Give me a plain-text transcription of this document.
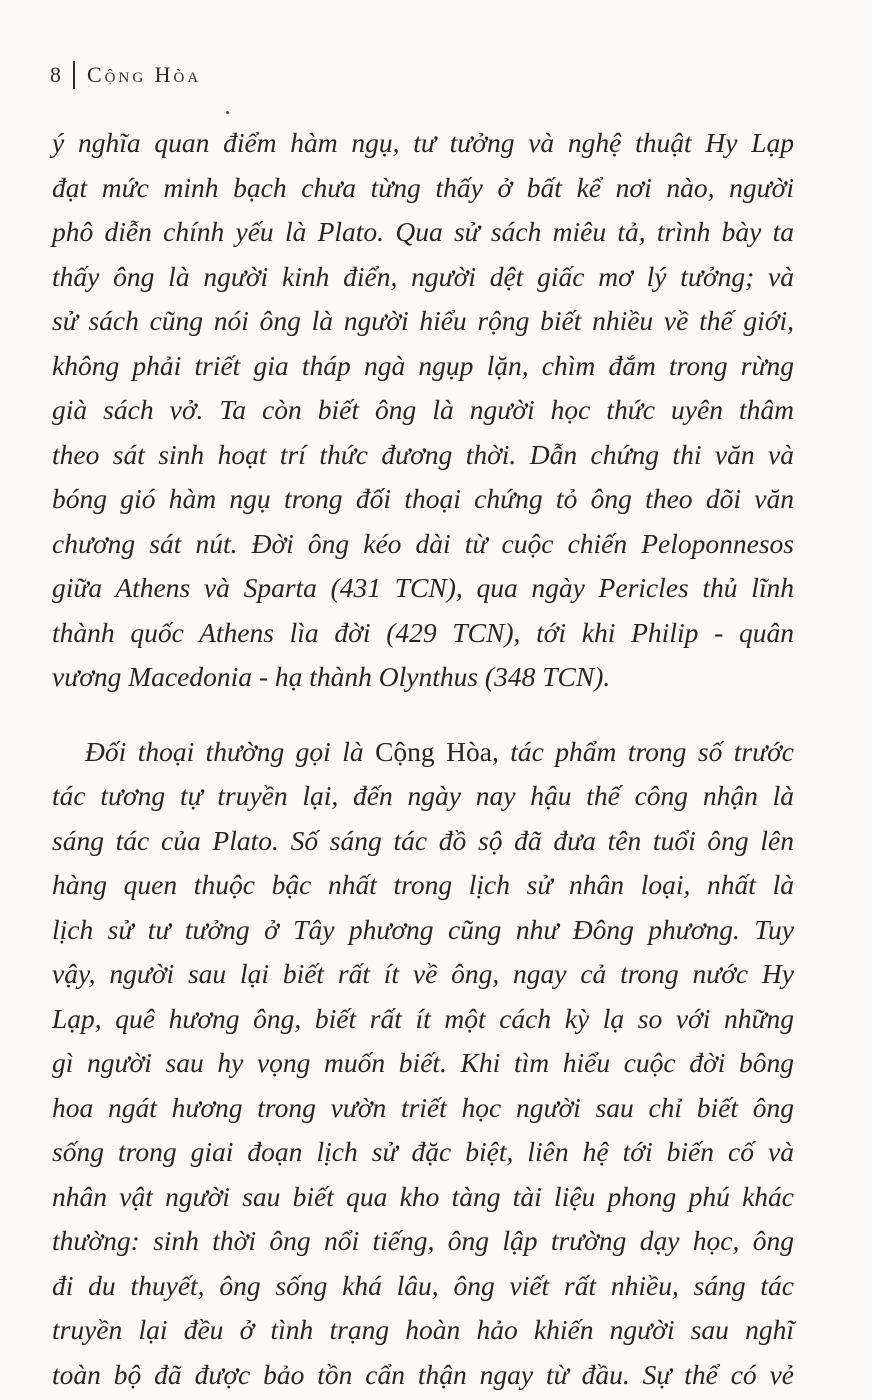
8 Cộng Hòa
ý nghĩa quan điểm hàm ngụ, tư tưởng và nghệ thuật Hy Lạp
đạt mức minh bạch chưa từng thấy ở bất kể nơi nào, người
phô diễn chính yếu là Plato. Qua sử sách miêu tả, trình bày ta
thấy ông là người kinh điển, người dệt giấc mơ lý tưởng; và
sử sách cũng nói ông là người hiểu rộng biết nhiều về thế giới,
không phải triết gia tháp ngà ngụp lặn, chìm đắm trong rừng
già sách vở. Ta còn biết ông là người học thức uyên thâm
theo sát sinh hoạt trí thức đương thời. Dẫn chứng thi văn và
bóng gió hàm ngụ trong đối thoại chứng tỏ ông theo dõi văn
chương sát nút. Đời ông kéo dài từ cuộc chiến Peloponnesos
giữa Athens và Sparta (431 TCN), qua ngày Pericles thủ lĩnh
thành quốc Athens lìa đời (429 TCN), tới khi Philip - quân
vương Macedonia - hạ thành Olynthus (348 TCN).
Đối thoại thường gọi là Cộng Hòa, tác phẩm trong số trước
tác tương tự truyền lại, đến ngày nay hậu thế công nhận là
sáng tác của Plato. Số sáng tác đồ sộ đã đưa tên tuổi ông lên
hàng quen thuộc bậc nhất trong lịch sử nhân loại, nhất là
lịch sử tư tưởng ở Tây phương cũng như Đông phương. Tuy
vậy, người sau lại biết rất ít về ông, ngay cả trong nước Hy
Lạp, quê hương ông, biết rất ít một cách kỳ lạ so với những
gì người sau hy vọng muốn biết. Khi tìm hiểu cuộc đời bông
hoa ngát hương trong vườn triết học người sau chỉ biết ông
sống trong giai đoạn lịch sử đặc biệt, liên hệ tới biến cố và
nhân vật người sau biết qua kho tàng tài liệu phong phú khác
thường: sinh thời ông nổi tiếng, ông lập trường dạy học, ông
đi du thuyết, ông sống khá lâu, ông viết rất nhiều, sáng tác
truyền lại đều ở tình trạng hoàn hảo khiến người sau nghĩ
toàn bộ đã được bảo tồn cẩn thận ngay từ đầu. Sự thể có vẻ
